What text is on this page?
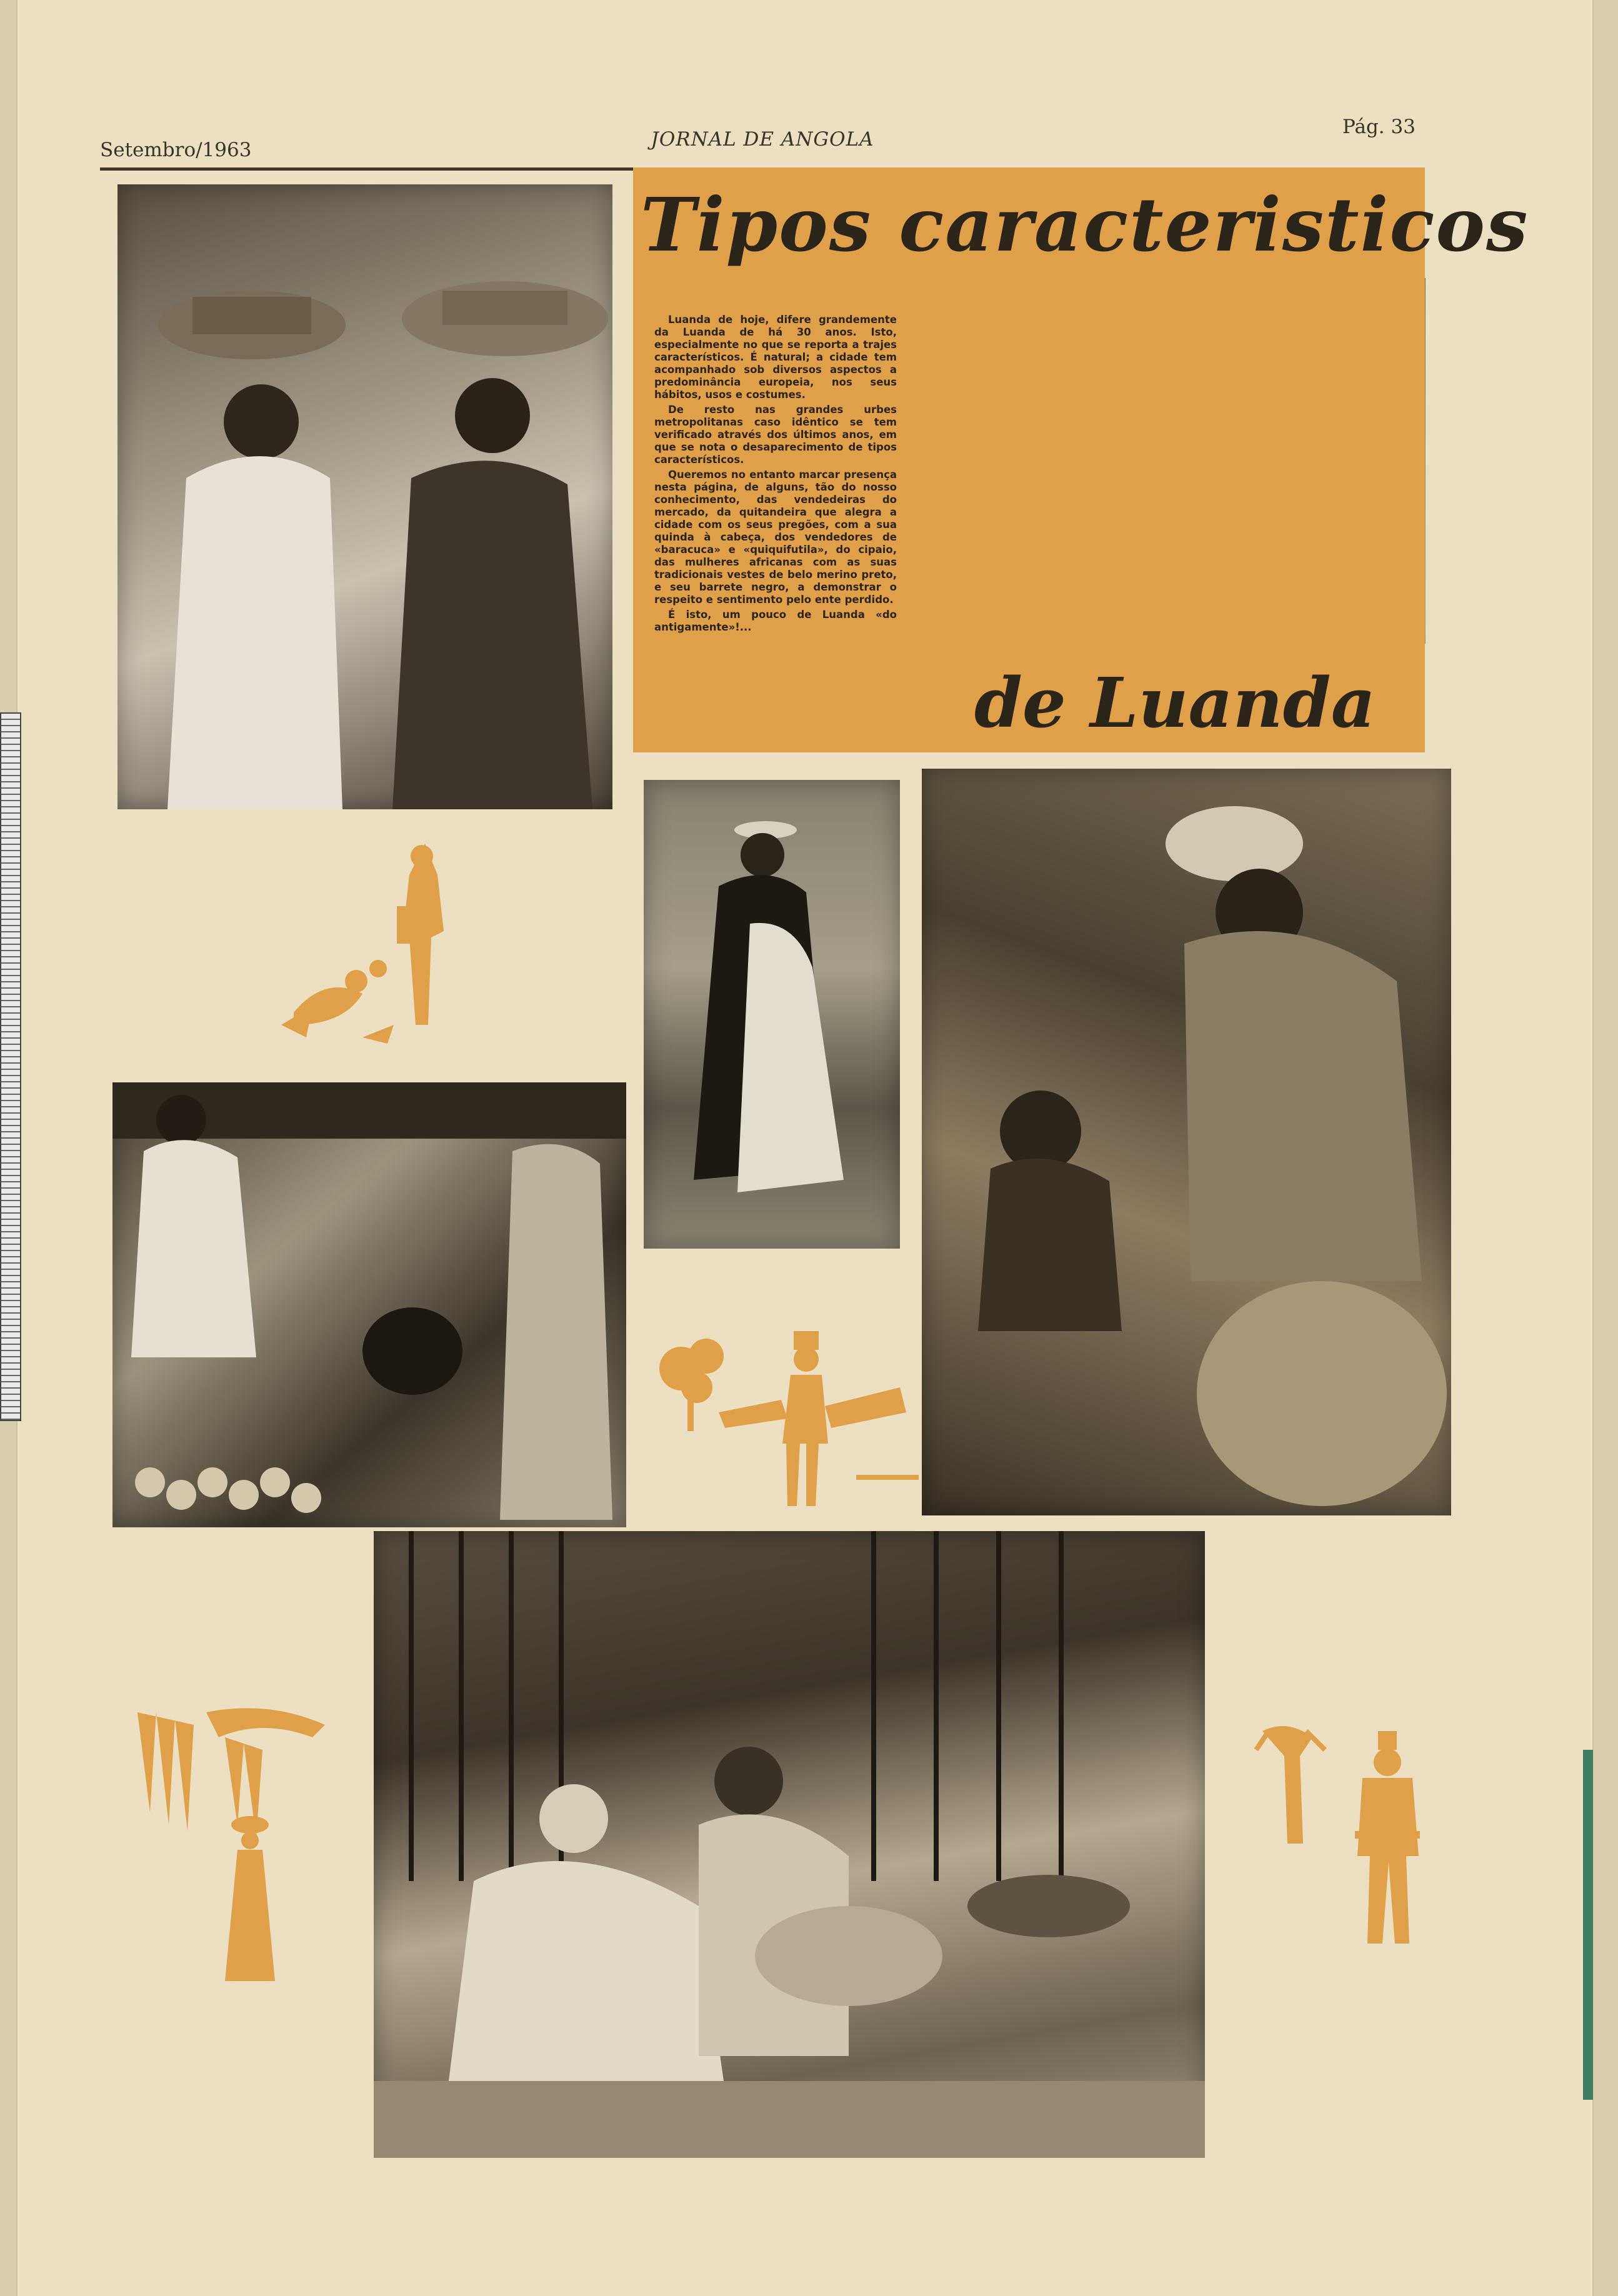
Setembro/1963	JORNAL DE ANGOLA
Pág. 33
Tipos caracteristicos
de Luanda

Luanda de hoje, difere grandemente da Luanda de há 30 anos. Isto, especialmente no que se reporta a trajes característicos. É natural; a cidade tem acompanhado sob diversos aspectos a predominância europeia, nos seus hábitos, usos e costumes.

De resto nas grandes urbes metropolitanas caso idêntico se tem verificado através dos últimos anos, em que se nota o desaparecimento de tipos característicos.

Queremos no entanto marcar presença nesta página, de alguns, tão do nosso conhecimento, das vendedeiras do mercado, da quitandeira que alegra a cidade com os seus pregões, com a sua quinda à cabeça, dos vendedores de «baracuca» e «quiquifutila», do cipaio, das mulheres africanas com as suas tradicionais vestes de belo merino preto, e seu barrete negro, a demonstrar o respeito e sentimento pelo ente perdido.

É isto, um pouco de Luanda «do antigamente»!...
